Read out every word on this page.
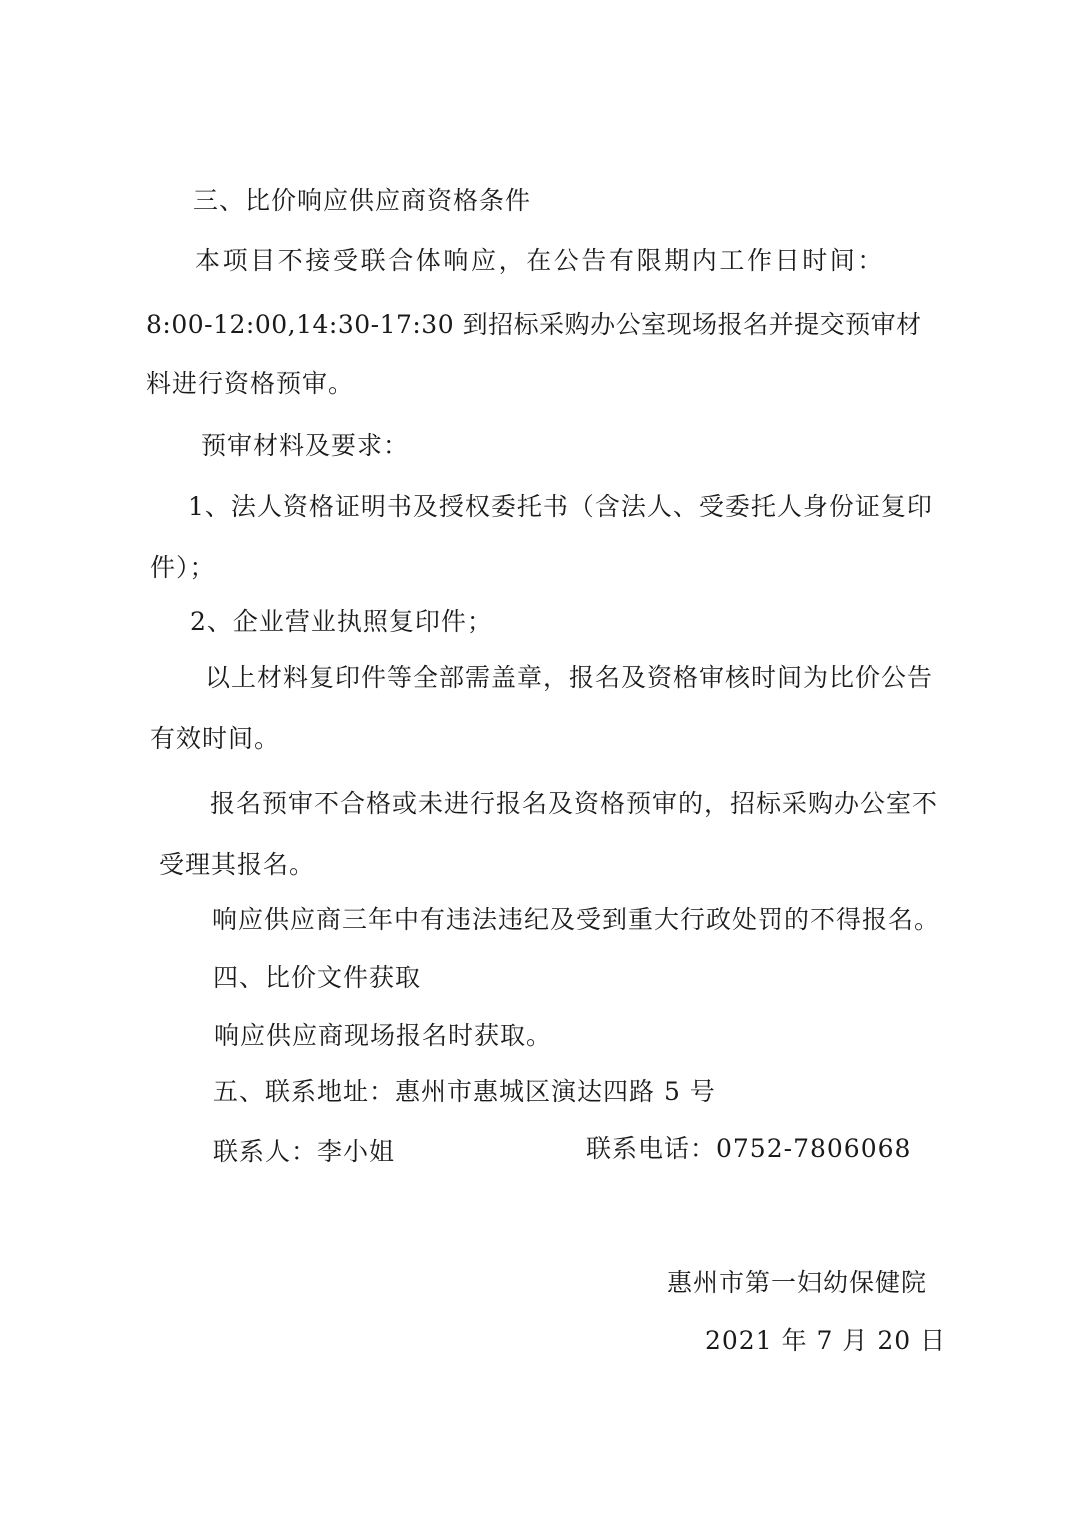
三、比价响应供应商资格条件
本项目不接受联合体响应，在公告有限期内工作日时间：
8:00-12:00,14:30-17:30 到招标采购办公室现场报名并提交预审材
料进行资格预审。
预审材料及要求：
1、法人资格证明书及授权委托书（含法人、受委托人身份证复印
件）；
2、企业营业执照复印件；
以上材料复印件等全部需盖章，报名及资格审核时间为比价公告
有效时间。
报名预审不合格或未进行报名及资格预审的，招标采购办公室不
受理其报名。
响应供应商三年中有违法违纪及受到重大行政处罚的不得报名。
四、比价文件获取
响应供应商现场报名时获取。
五、联系地址：惠州市惠城区演达四路 5 号
联系人：李小姐	联系电话：0752-7806068
惠州市第一妇幼保健院
2021 年 7 月 20 日
